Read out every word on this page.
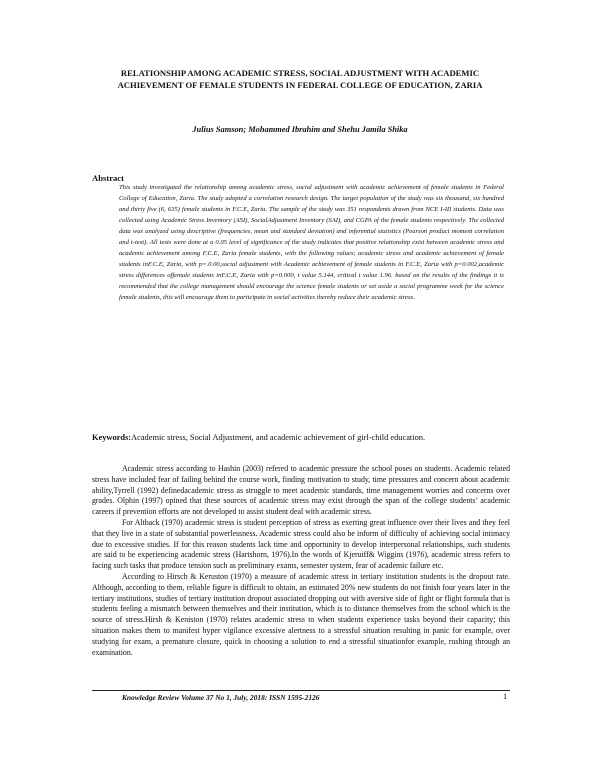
RELATIONSHIP AMONG ACADEMIC STRESS, SOCIAL ADJUSTMENT WITH ACADEMIC ACHIEVEMENT OF FEMALE STUDENTS IN FEDERAL COLLEGE OF EDUCATION, ZARIA
Julius Samson; Mohammed Ibrahim and Shehu Jamila Shika
Abstract

This study investigated the relationship among academic stress, social adjustment with academic achievement of female students in Federal College of Education, Zaria. The study adopted a correlation research design. The target population of the study was six thousand, six hundred and thirty five (6, 635) female students in F.C.E, Zaria. The sample of the study was 351 respondents drawn from NCE I-III students. Data was collected using Academic Stress Inventory (ASI), SocialAdjustment Inventory (SAI), and CGPA of the female students respectively. The collected data was analyzed using descriptive (frequencies, mean and standard deviation) and inferential statistics (Pearson product moment correlation and t-test). All tests were done at a 0.05 level of significance of the study indicates that positive relationship exist between academic stress and academic achievement among F.C.E, Zaria female students, with the following values; academic stress and academic achievement of female students inF.C.E, Zaria, with p=.0.00,social adjustment with Academic achievement of female students in F.C.E, Zaria with p=0.002,academic stress differences offemale students inF.C.E, Zaria with p=0.000, t value 5.144, critical t value 1.96. based on the results of the findings it is recommended that the college management should encourage the science female students or set aside a social programme week for the science female students, this will encourage them to participate in social activities thereby reduce their academic stress.

Keywords:Academic stress, Social Adjustment, and academic achievement of girl-child education.

Academic stress according to Hashin (2003) refered to academic pressure the school poses on students. Academic related stress have included fear of failing behind the course work, finding motivation to study, time pressures and concern about academic ability,Tyrrell (1992) definedacademic stress as struggle to meet academic standards, time management worries and concerns over grades. Olphin (1997) opined that these sources of academic stress may exist through the span of the college students’ academic careers if prevention efforts are not developed to assist student deal with academic stress.

For Altback (1970) academic stress is student perception of stress as exerting great influence over their lives and they feel that they live in a state of substantial powerlessness. Academic stress could also be inform of difficulty of achieving social intimacy due to excessive studies. If for this reason students lack time and opportunity to develop interpersonal relationships, such students are said to be experiencing academic stress (Hartshorn, 1976).In the words of Kjeruiff& Wiggins (1976), academic stress refers to facing such tasks that produce tension such as preliminary exams, semester system, fear of academic failure etc.

According to Hirsch & Keruston (1970) a measure of academic stress in tertiary institution students is the dropout rate. Although, according to them, reliable figure is difficult to obtain, an estimated 20% new students do not finish four years later in the tertiary institutions, studies of tertiary institution dropout associated dropping out with aversive side of fight or flight formula that is students feeling a mismatch between themselves and their institution, which is to distance themselves from the school which is the source of stress.Hirsh & Keniston (1970) relates academic stress to when students experience tasks beyond their capacity; this situation makes them to manifest hyper vigilance excessive alertness to a stressful situation resulting in panic for example, over studying for exam, a premature closure, quick in choosing a solution to end a stressful situationfor example, rushing through an examination.

Knowledge Review Volume 37 No 1, July, 2018: ISSN 1595-2126	1
